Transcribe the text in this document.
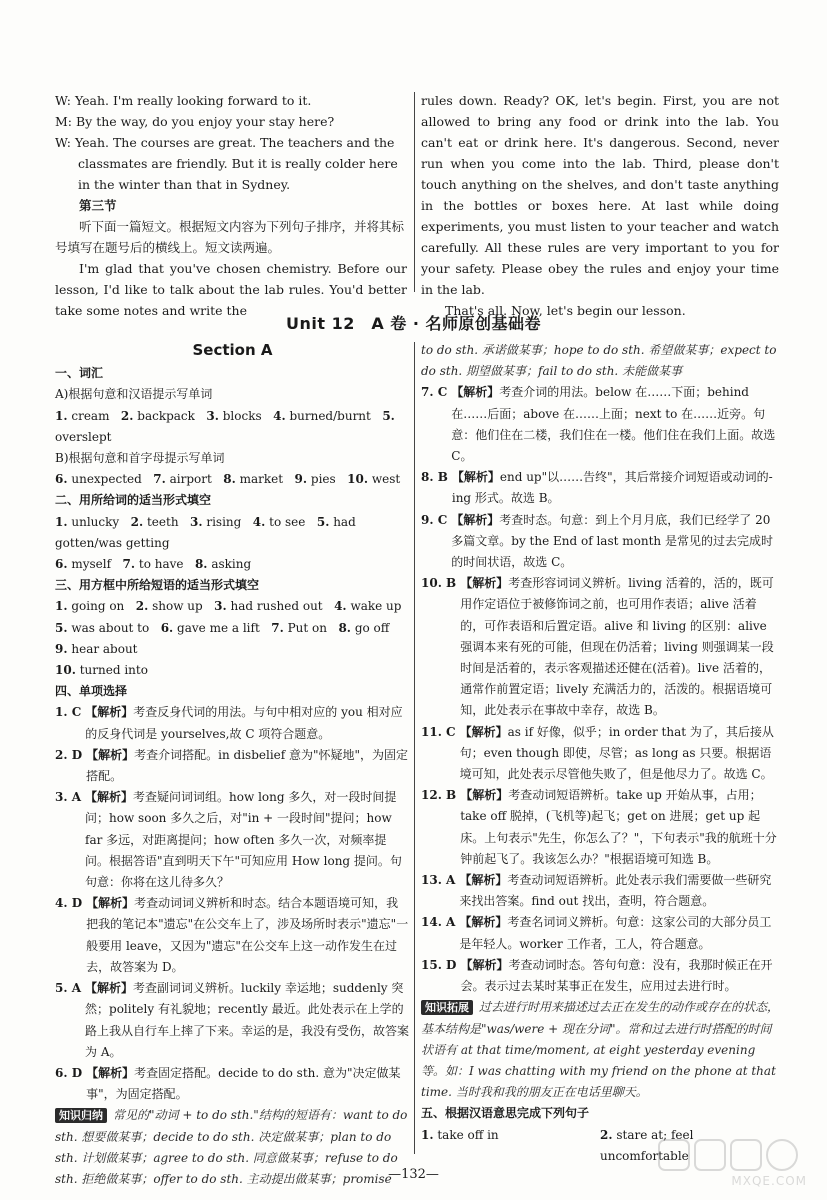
W: Yeah. I'm really looking forward to it.

M: By the way, do you enjoy your stay here?

W: Yeah. The courses are great. The teachers and the classmates are friendly. But it is really colder here in the winter than that in Sydney.

第三节

听下面一篇短文。根据短文内容为下列句子排序，并将其标号填写在题号后的横线上。短文读两遍。

I'm glad that you've chosen chemistry. Before our lesson, I'd like to talk about the lab rules. You'd better take some notes and write the

rules down. Ready? OK, let's begin. First, you are not allowed to bring any food or drink into the lab. You can't eat or drink here. It's dangerous. Second, never run when you come into the lab. Third, please don't touch anything on the shelves, and don't taste anything in the bottles or boxes here. At last while doing experiments, you must listen to your teacher and watch carefully. All these rules are very important to you for your safety. Please obey the rules and enjoy your time in the lab.

That's all. Now, let's begin our lesson.

Unit 12　A 卷 · 名师原创基础卷
Section A
一、词汇
A)根据句意和汉语提示写单词
1. cream 2. backpack 3. blocks 4. burned/burnt 5. overslept
B)根据句意和首字母提示写单词
6. unexpected 7. airport 8. market 9. pies 10. west
二、用所给词的适当形式填空
1. unlucky 2. teeth 3. rising 4. to see 5. had gotten/was getting
6. myself 7. to have 8. asking
三、用方框中所给短语的适当形式填空
1. going on 2. show up 3. had rushed out 4. wake up
5. was about to 6. gave me a lift 7. Put on 8. go off   9. hear about
10. turned into
四、单项选择
1. C 【解析】考查反身代词的用法。与句中相对应的 you 相对应的反身代词是 yourselves,故 C 项符合题意。
2. D 【解析】考查介词搭配。in disbelief 意为"怀疑地"，为固定搭配。
3. A 【解析】考查疑问词词组。how long 多久，对一段时间提问；how soon 多久之后，对"in + 一段时间"提问；how far 多远，对距离提问；how often 多久一次，对频率提问。根据答语"直到明天下午"可知应用 How long 提问。句句意：你将在这儿待多久？
4. D 【解析】考查动词词义辨析和时态。结合本题语境可知，我把我的笔记本"遗忘"在公交车上了，涉及场所时表示"遗忘"一般要用 leave，又因为"遗忘"在公交车上这一动作发生在过去，故答案为 D。
5. A 【解析】考查副词词义辨析。luckily 幸运地；suddenly 突然；politely 有礼貌地；recently 最近。此处表示在上学的路上我从自行车上摔了下来。幸运的是，我没有受伤，故答案为 A。
6. D 【解析】考查固定搭配。decide to do sth. 意为"决定做某事"，为固定搭配。
知识归纳 常见的"动词 + to do sth."结构的短语有：want to do sth. 想要做某事；decide to do sth. 决定做某事；plan to do sth. 计划做某事；agree to do sth. 同意做某事；refuse to do sth. 拒绝做某事；offer to do sth. 主动提出做某事；promise
to do sth. 承诺做某事；hope to do sth. 希望做某事；expect to do sth. 期望做某事；fail to do sth. 未能做某事
7. C 【解析】考查介词的用法。below 在……下面；behind 在……后面；above 在……上面；next to 在……近旁。句意：他们住在二楼，我们住在一楼。他们住在我们上面。故选 C。
8. B 【解析】end up"以……告终"，其后常接介词短语或动词的-ing 形式。故选 B。
9. C 【解析】考查时态。句意：到上个月月底，我们已经学了 20 多篇文章。by the End of last month 是常见的过去完成时的时间状语，故选 C。
10. B 【解析】考查形容词词义辨析。living 活着的，活的，既可用作定语位于被修饰词之前，也可用作表语；alive 活着的，可作表语和后置定语。alive 和 living 的区别：alive 强调本来有死的可能，但现在仍活着；living 则强调某一段时间是活着的，表示客观描述还健在(活着)。live 活着的，通常作前置定语；lively 充满活力的，活泼的。根据语境可知，此处表示在事故中幸存，故选 B。
11. C 【解析】as if 好像，似乎；in order that 为了，其后接从句；even though 即使，尽管；as long as 只要。根据语境可知，此处表示尽管他失败了，但是他尽力了。故选 C。
12. B 【解析】考查动词短语辨析。take up 开始从事，占用；take off 脱掉，(飞机等)起飞；get on 进展；get up 起床。上句表示"先生，你怎么了？"，下句表示"我的航班十分钟前起飞了。我该怎么办？"根据语境可知选 B。
13. A 【解析】考查动词短语辨析。此处表示我们需要做一些研究来找出答案。find out 找出，查明，符合题意。
14. A 【解析】考查名词词义辨析。句意：这家公司的大部分员工是年轻人。worker 工作者，工人，符合题意。
15. D 【解析】考查动词时态。答句句意：没有，我那时候正在开会。表示过去某时某事正在发生，应用过去进行时。
知识拓展 过去进行时用来描述过去正在发生的动作或存在的状态，基本结构是"was/were + 现在分词"。常和过去进行时搭配的时间状语有 at that time/moment, at eight yesterday evening 等。如：I was chatting with my friend on the phone at that time. 当时我和我的朋友正在电话里聊天。
五、根据汉语意思完成下列句子
1. take off in	2. stare at; feel uncomfortable
—132—	MXQE.COM
